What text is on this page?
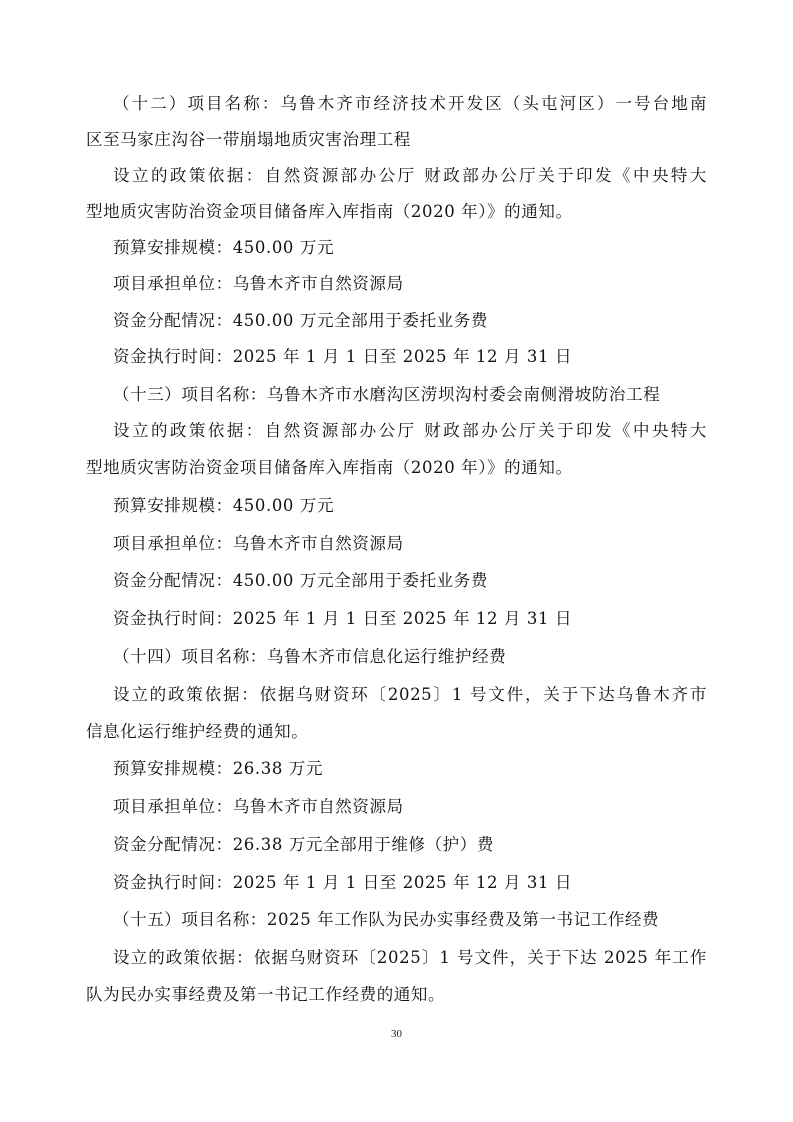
（十二）项目名称：乌鲁木齐市经济技术开发区（头屯河区）一号台地南

区至马家庄沟谷一带崩塌地质灾害治理工程

设立的政策依据：自然资源部办公厅 财政部办公厅关于印发《中央特大

型地质灾害防治资金项目储备库入库指南（2020 年）》的通知。

预算安排规模：450.00 万元

项目承担单位：乌鲁木齐市自然资源局

资金分配情况：450.00 万元全部用于委托业务费

资金执行时间：2025 年 1 月 1 日至 2025 年 12 月 31 日

（十三）项目名称：乌鲁木齐市水磨沟区涝坝沟村委会南侧滑坡防治工程

设立的政策依据：自然资源部办公厅 财政部办公厅关于印发《中央特大

型地质灾害防治资金项目储备库入库指南（2020 年）》的通知。

预算安排规模：450.00 万元

项目承担单位：乌鲁木齐市自然资源局

资金分配情况：450.00 万元全部用于委托业务费

资金执行时间：2025 年 1 月 1 日至 2025 年 12 月 31 日

（十四）项目名称：乌鲁木齐市信息化运行维护经费

设立的政策依据：依据乌财资环〔2025〕1 号文件，关于下达乌鲁木齐市

信息化运行维护经费的通知。

预算安排规模：26.38 万元

项目承担单位：乌鲁木齐市自然资源局

资金分配情况：26.38 万元全部用于维修（护）费

资金执行时间：2025 年 1 月 1 日至 2025 年 12 月 31 日

（十五）项目名称：2025 年工作队为民办实事经费及第一书记工作经费

设立的政策依据：依据乌财资环〔2025〕1 号文件，关于下达 2025 年工作

队为民办实事经费及第一书记工作经费的通知。

30
